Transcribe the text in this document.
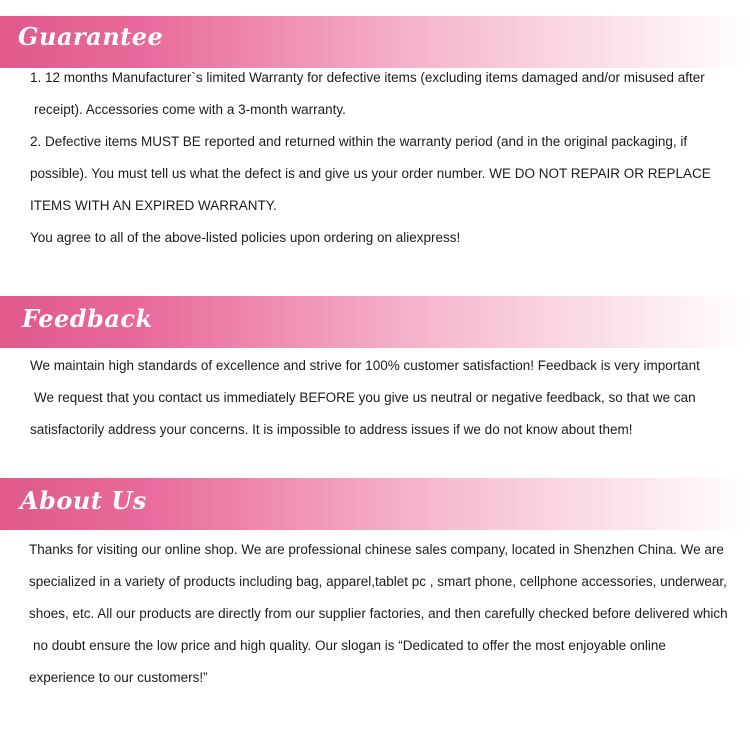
Guarantee
1. 12 months Manufacturer`s limited Warranty for defective items (excluding items damaged and/or misused after
receipt). Accessories come with a 3-month warranty.
2. Defective items MUST BE reported and returned within the warranty period (and in the original packaging, if
possible). You must tell us what the defect is and give us your order number. WE DO NOT REPAIR OR REPLACE
ITEMS WITH AN EXPIRED WARRANTY.
You agree to all of the above-listed policies upon ordering on aliexpress!
Feedback
We maintain high standards of excellence and strive for 100% customer satisfaction! Feedback is very important
We request that you contact us immediately BEFORE you give us neutral or negative feedback, so that we can
satisfactorily address your concerns. It is impossible to address issues if we do not know about them!
About Us
Thanks for visiting our online shop. We are professional chinese sales company, located in Shenzhen China. We are
specialized in a variety of products including bag, apparel,tablet pc , smart phone, cellphone accessories, underwear,
shoes, etc. All our products are directly from our supplier factories, and then carefully checked before delivered which
no doubt ensure the low price and high quality. Our slogan is “Dedicated to offer the most enjoyable online
experience to our customers!”
